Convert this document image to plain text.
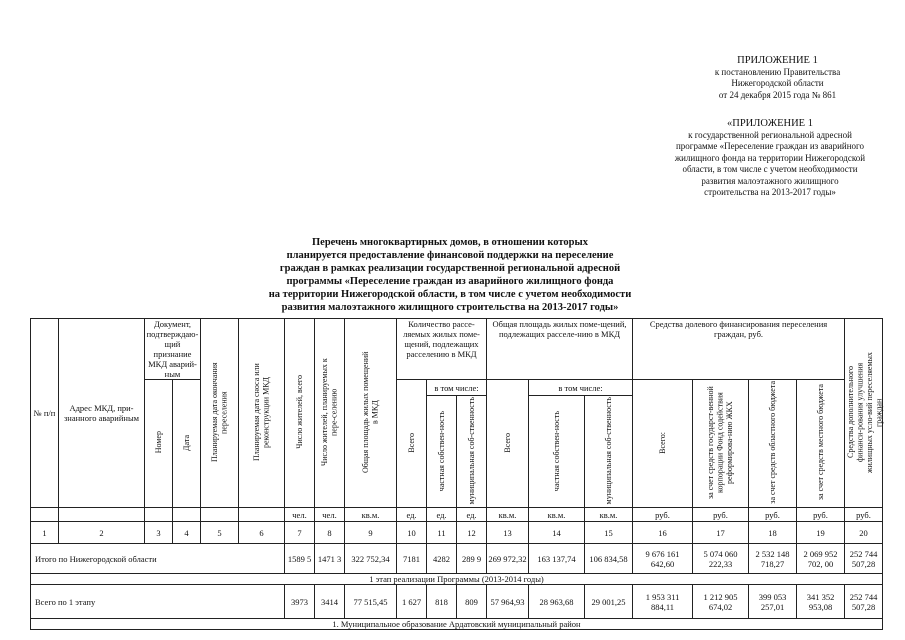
ПРИЛОЖЕНИЕ 1
к постановлению Правительства
Нижегородской области
от 24 декабря 2015 года № 861
«ПРИЛОЖЕНИЕ 1
к государственной региональной адресной
программе «Переселение граждан из аварийного
жилищного фонда на территории Нижегородской
области, в том числе с учетом необходимости
развития малоэтажного жилищного
строительства на 2013-2017 годы»
Перечень многоквартирных домов, в отношении которых
планируется предоставление финансовой поддержки на переселение
граждан в рамках реализации государственной региональной адресной
программы «Переселение граждан из аварийного жилищного фонда
на территории Нижегородской области, в том числе с учетом необходимости
развития малоэтажного жилищного строительства на 2013-2017 годы»
№ п/п	Адрес МКД, при-знанного аварийным	Документ, подтверждаю-щий признание МКД аварий-ным		Планируемая дата окончания переселения	Планируемая дата сноса или реконструкции МКД	Число жителей, всего	Число жителей, планируемых к пере-селению	Общая площадь жилых помещений в МКД	Количество рассе-ляемых жилых поме-щений, подлежащих расселению в МКД			Общая площадь жилых поме-щений, подлежащих расселе-нию в МКД			Средства долевого финансирования переселения граждан, руб.				Средства дополнительного финанси-рования улучшения жилищных усло-вий переселяемых граждан
		Номер	Дата						Всего	в том числе:		Всего	в том числе:		Всего:	за счет средств государст-венной корпорации Фонд содействия реформирова-нию ЖКХ	за счет средств областного бюджета	за счет средств местного бюджета	
										частная собствен-ность	муниципальная соб-ственность		частная собствен-ность	муниципальная соб-ственность					
						чел.	чел.	кв.м.	ед.	ед.	ед.	кв.м.	кв.м.	кв.м.	руб.	руб.	руб.	руб.	руб.
1	2	3	4	5	6	7	8	9	10	11	12	13	14	15	16	17	18	19	20
Итого по Нижегородской области						1589 5	1471 3	322 752,34	7181	4282	289 9	269 972,32	163 137,74	106 834,58	9 676 161 642,60	5 074 060 222,33	2 532 148 718,27	2 069 952 702, 00	252 744 507,28
1 этап реализации Программы (2013-2014 годы)																			
Всего по 1 этапу						3973	3414	77 515,45	1 627	818	809	57 964,93	28 963,68	29 001,25	1 953 311 884,11	1 212 905 674,02	399 053 257,01	341 352 953,08	252 744 507,28
1. Муниципальное образование Ардатовский муниципальный район																			
